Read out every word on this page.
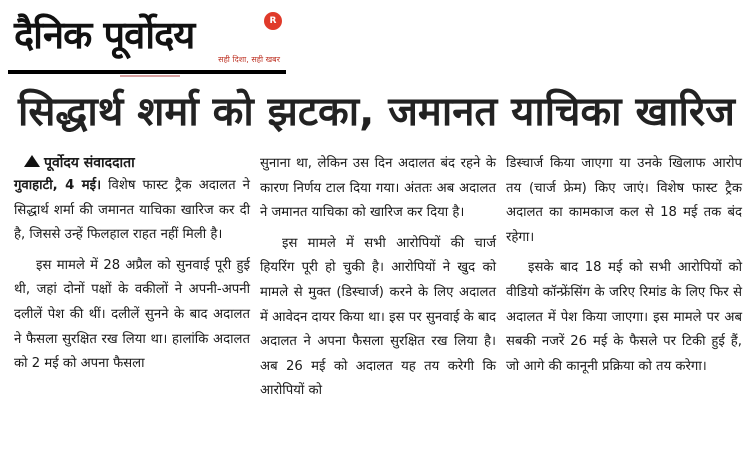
दैनिक पूर्वोदय	R
सही दिशा, सही खबर
सिद्धार्थ शर्मा को झटका, जमानत याचिका खारिज
पूर्वोदय संवाददाता

गुवाहाटी, 4 मई। विशेष फास्ट ट्रैक अदालत ने सिद्धार्थ शर्मा की जमानत याचिका खारिज कर दी है, जिससे उन्हें फिलहाल राहत नहीं मिली है।

इस मामले में 28 अप्रैल को सुनवाई पूरी हुई थी, जहां दोनों पक्षों के वकीलों ने अपनी-अपनी दलीलें पेश की थीं। दलीलें सुनने के बाद अदालत ने फैसला सुरक्षित रख लिया था। हालांकि अदालत को 2 मई को अपना फैसला

सुनाना था, लेकिन उस दिन अदालत बंद रहने के कारण निर्णय टाल दिया गया। अंततः अब अदालत ने जमानत याचिका को खारिज कर दिया है।

इस मामले में सभी आरोपियों की चार्ज हियरिंग पूरी हो चुकी है। आरोपियों ने खुद को मामले से मुक्त (डिस्चार्ज) करने के लिए अदालत में आवेदन दायर किया था। इस पर सुनवाई के बाद अदालत ने अपना फैसला सुरक्षित रख लिया है। अब 26 मई को अदालत यह तय करेगी कि आरोपियों को

डिस्चार्ज किया जाएगा या उनके खिलाफ आरोप तय (चार्ज फ्रेम) किए जाएं। विशेष फास्ट ट्रैक अदालत का कामकाज कल से 18 मई तक बंद रहेगा।

इसके बाद 18 मई को सभी आरोपियों को वीडियो कॉन्फ्रेंसिंग के जरिए रिमांड के लिए फिर से अदालत में पेश किया जाएगा। इस मामले पर अब सबकी नजरें 26 मई के फैसले पर टिकी हुई हैं, जो आगे की कानूनी प्रक्रिया को तय करेगा।
